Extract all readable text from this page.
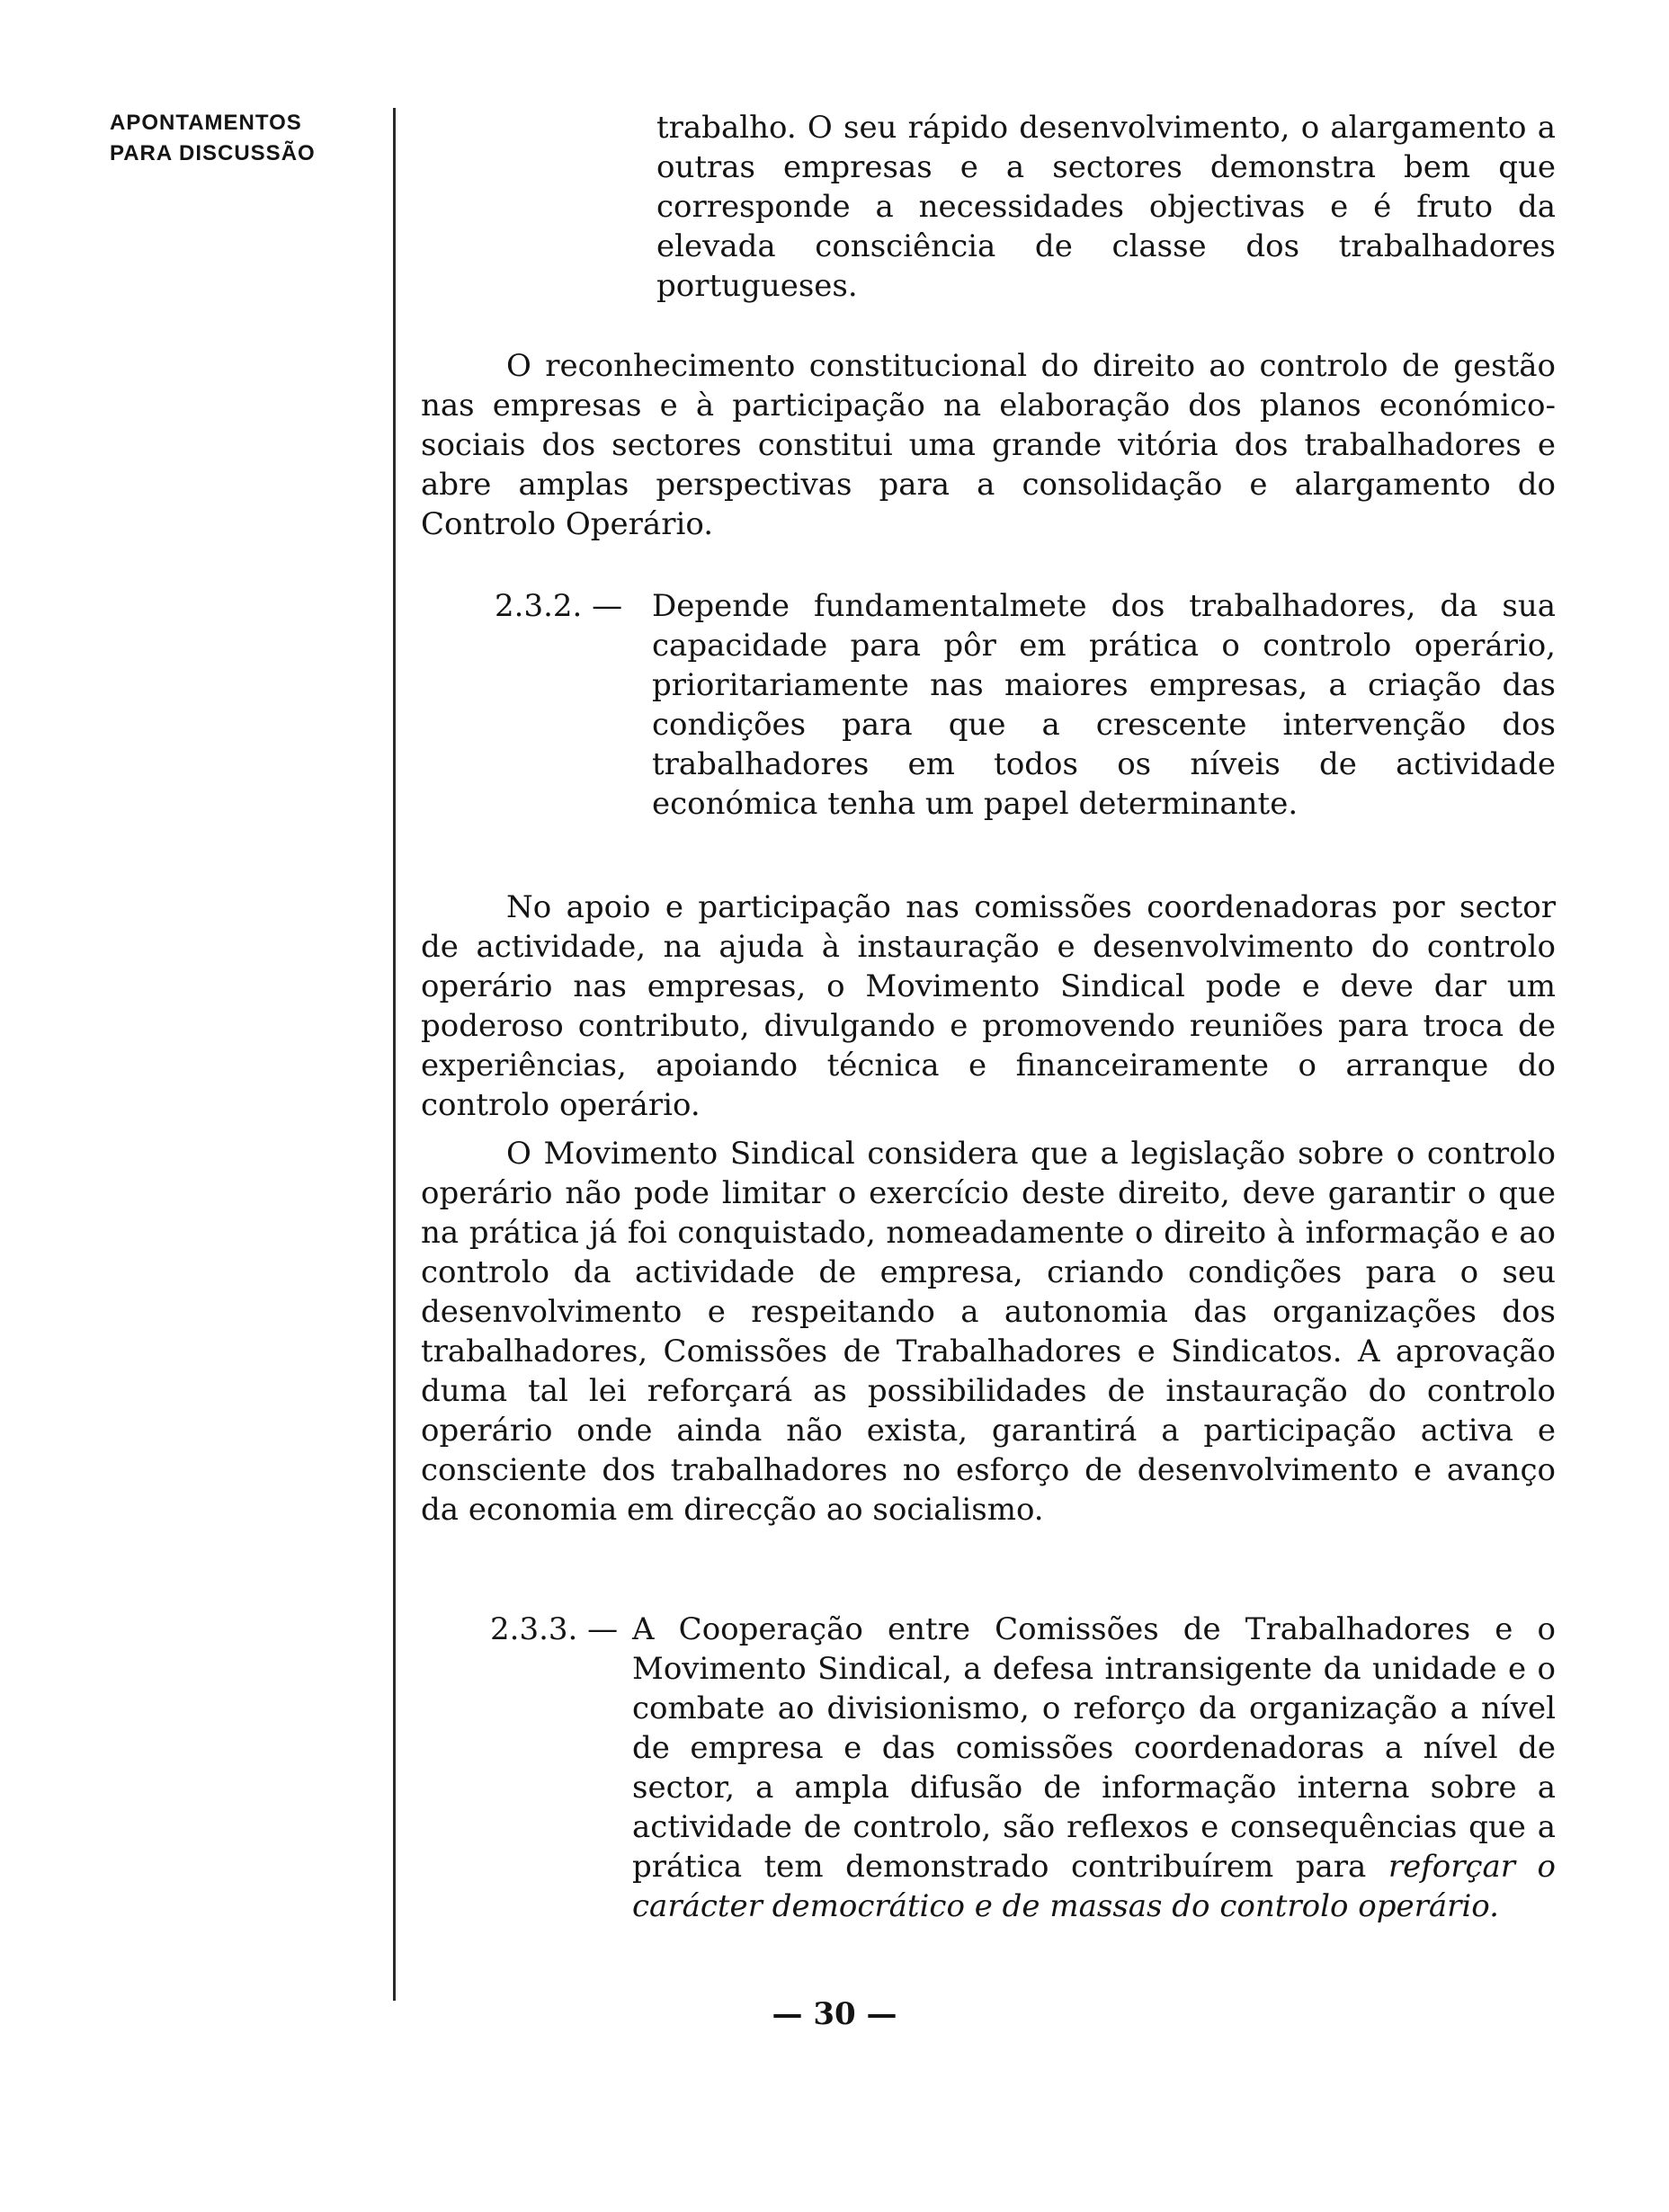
APONTAMENTOS
PARA DISCUSSÃO

trabalho. O seu rápido desenvolvimento, o alargamento a outras empresas e a sectores demonstra bem que corresponde a necessidades objectivas e é fruto da elevada consciência de classe dos trabalhadores portugueses.

O reconhecimento constitucional do direito ao controlo de gestão nas empresas e à participação na elaboração dos planos económico-sociais dos sectores constitui uma grande vitória dos trabalhadores e abre amplas perspectivas para a consolidação e alargamento do Controlo Operário.

2.3.2. — Depende fundamentalmete dos trabalhadores, da sua capacidade para pôr em prática o controlo operário, prioritariamente nas maiores empresas, a criação das condições para que a crescente intervenção dos trabalhadores em todos os níveis de actividade económica tenha um papel determinante.

No apoio e participação nas comissões coordenadoras por sector de actividade, na ajuda à instauração e desenvolvimento do controlo operário nas empresas, o Movimento Sindical pode e deve dar um poderoso contributo, divulgando e promovendo reuniões para troca de experiências, apoiando técnica e financeiramente o arranque do controlo operário.

O Movimento Sindical considera que a legislação sobre o controlo operário não pode limitar o exercício deste direito, deve garantir o que na prática já foi conquistado, nomeadamente o direito à informação e ao controlo da actividade de empresa, criando condições para o seu desenvolvimento e respeitando a autonomia das organizações dos trabalhadores, Comissões de Trabalhadores e Sindicatos. A aprovação duma tal lei reforçará as possibilidades de instauração do controlo operário onde ainda não exista, garantirá a participação activa e consciente dos trabalhadores no esforço de desenvolvimento e avanço da economia em direcção ao socialismo.

2.3.3. — A Cooperação entre Comissões de Trabalhadores e o Movimento Sindical, a defesa intransigente da unidade e o combate ao divisionismo, o reforço da organização a nível de empresa e das comissões coordenadoras a nível de sector, a ampla difusão de informação interna sobre a actividade de controlo, são reflexos e consequências que a prática tem demonstrado contribuírem para reforçar o carácter democrático e de massas do controlo operário.

— 30 —
